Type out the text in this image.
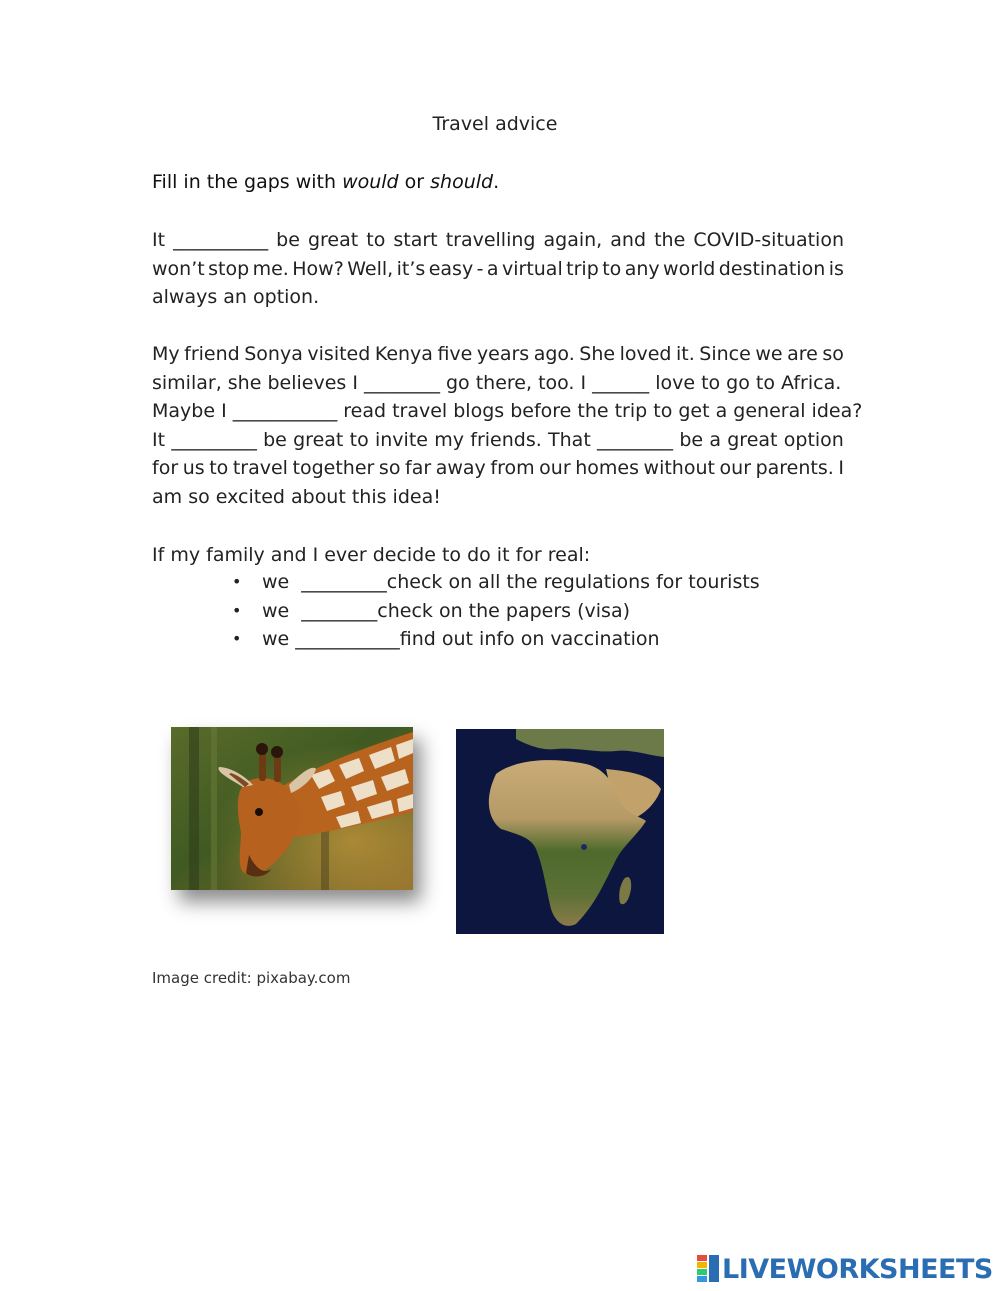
Travel advice
Fill in the gaps with would or should.
It __________ be great to start travelling again, and the COVID-situation
won’t stop me. How? Well, it’s easy - a virtual trip to any world destination is
always an option.
My friend Sonya visited Kenya five years ago. She loved it. Since we are so
similar, she believes I ________ go there, too. I ______ love to go to Africa.
Maybe I ___________ read travel blogs before the trip to get a general idea?
It _________ be great to invite my friends. That ________ be a great option
for us to travel together so far away from our homes without our parents. I
am so excited about this idea!
If my family and I ever decide to do it for real:
• we  _________check on all the regulations for tourists
• we  ________check on the papers (visa)
• we ___________find out info on vaccination
Image credit: pixabay.com
LIVEWORKSHEETS
